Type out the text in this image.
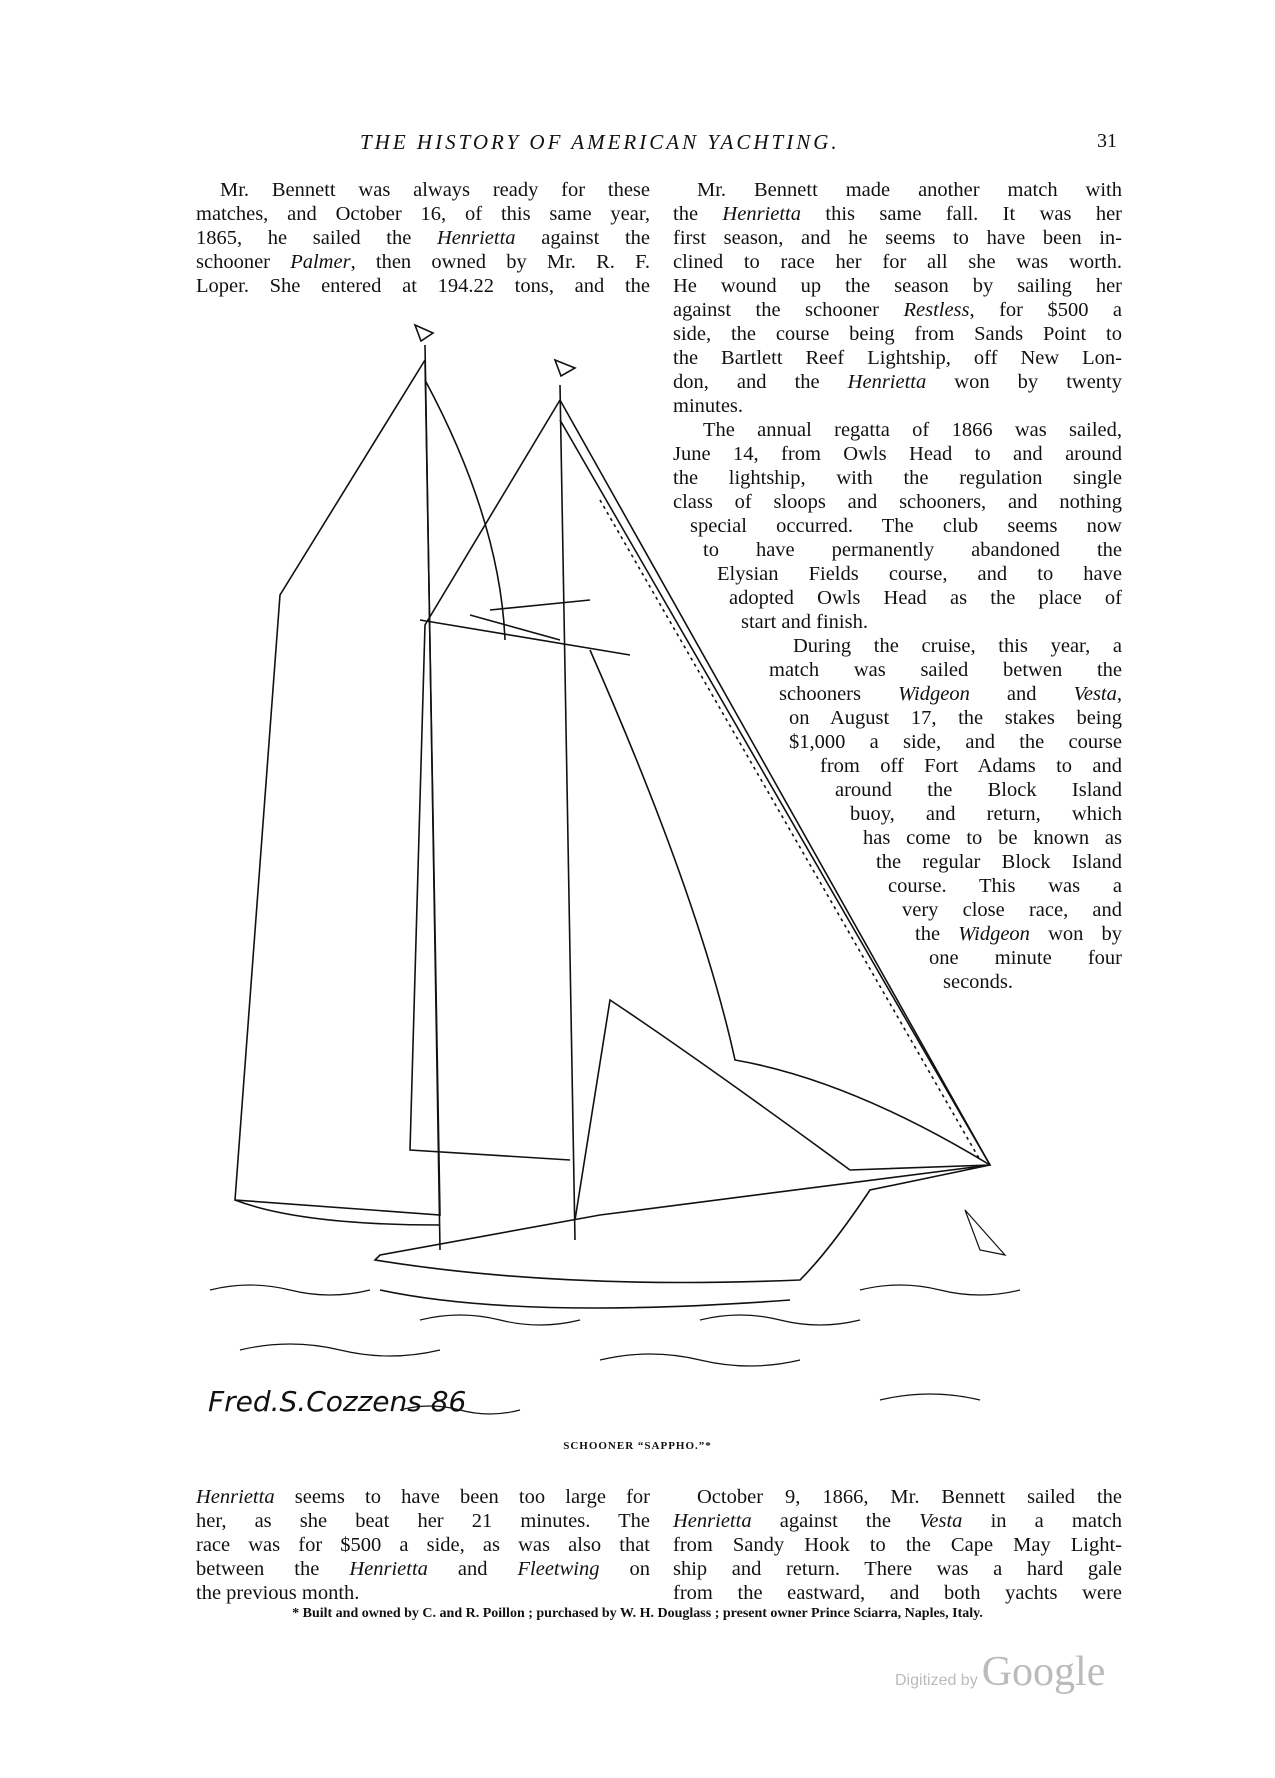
THE HISTORY OF AMERICAN YACHTING.	31
Mr. Bennett was always ready for these
matches, and October 16, of this same year,
1865, he sailed the Henrietta against the
schooner Palmer, then owned by Mr. R. F.
Loper. She entered at 194.22 tons, and the
Mr. Bennett made another match with
the Henrietta this same fall. It was her
first season, and he seems to have been in-
clined to race her for all she was worth.
He wound up the season by sailing her
against the schooner Restless, for $500 a
side, the course being from Sands Point to
the Bartlett Reef Lightship, off New Lon-
don, and the Henrietta won by twenty
minutes.
The annual regatta of 1866 was sailed,
June 14, from Owls Head to and around
the lightship, with the regulation single
class of sloops and schooners, and nothing
special occurred. The club seems now
to have permanently abandoned the
Elysian Fields course, and to have
adopted Owls Head as the place of
start and finish.
During the cruise, this year, a
match was sailed betwen the
schooners Widgeon and Vesta,
on August 17, the stakes being
$1,000 a side, and the course
from off Fort Adams to and
around the Block Island
buoy, and return, which
has come to be known as
the regular Block Island
course. This was a
very close race, and
the Widgeon won by
one minute four
seconds.
Fred.S.Cozzens 86
SCHOONER “SAPPHO.”*
Henrietta seems to have been too large for
her, as she beat her 21 minutes. The
race was for $500 a side, as was also that
between the Henrietta and Fleetwing on
the previous month.
October 9, 1866, Mr. Bennett sailed the
Henrietta against the Vesta in a match
from Sandy Hook to the Cape May Light-
ship and return. There was a hard gale
from the eastward, and both yachts were
* Built and owned by C. and R. Poillon ; purchased by W. H. Douglass ; present owner Prince Sciarra, Naples, Italy.
Digitized by Google
